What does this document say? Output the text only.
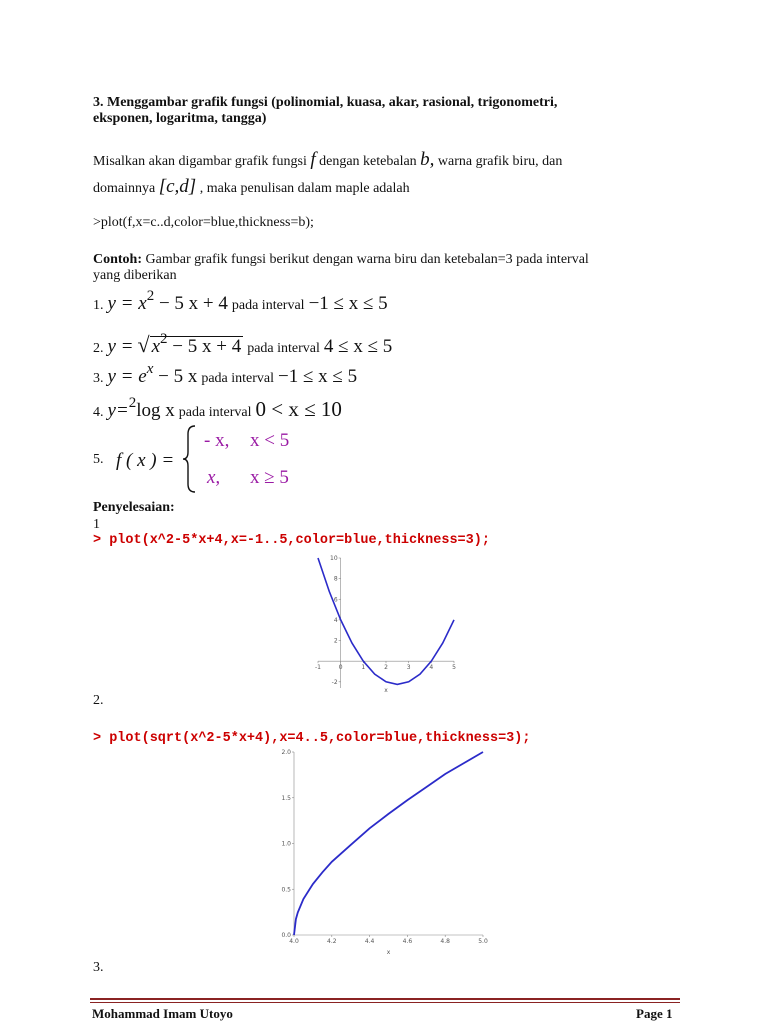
3. Menggambar grafik fungsi (polinomial, kuasa, akar, rasional, trigonometri,
eksponen, logaritma, tangga)
Misalkan akan digambar grafik fungsi f dengan ketebalan b, warna grafik biru, dan
domainnya [c,d] , maka penulisan dalam maple adalah
>plot(f,x=c..d,color=blue,thickness=b);
Contoh: Gambar grafik fungsi berikut dengan warna biru dan ketebalan=3 pada interval
yang diberikan
1. y = x2 − 5 x + 4 pada interval −1 ≤ x ≤ 5
2. y = √ x2 − 5 x + 4 pada interval 4 ≤ x ≤ 5
3. y = ex − 5 x pada interval −1 ≤ x ≤ 5
4. y=2log x pada interval 0 < x ≤ 10
5. f ( x ) =
- x, x < 5
x, x ≥ 5
Penyelesaian:
1
> plot(x^2-5*x+4,x=-1..5,color=blue,thickness=3);
-1	0	1	2	3	4	5
-2
2
4
6
8
10
x
2.
> plot(sqrt(x^2-5*x+4),x=4..5,color=blue,thickness=3);
4.0	4.2	4.4	4.6	4.8	5.0
0.0
0.5
1.0
1.5
2.0
x
3.
Mohammad Imam Utoyo	Page 1
